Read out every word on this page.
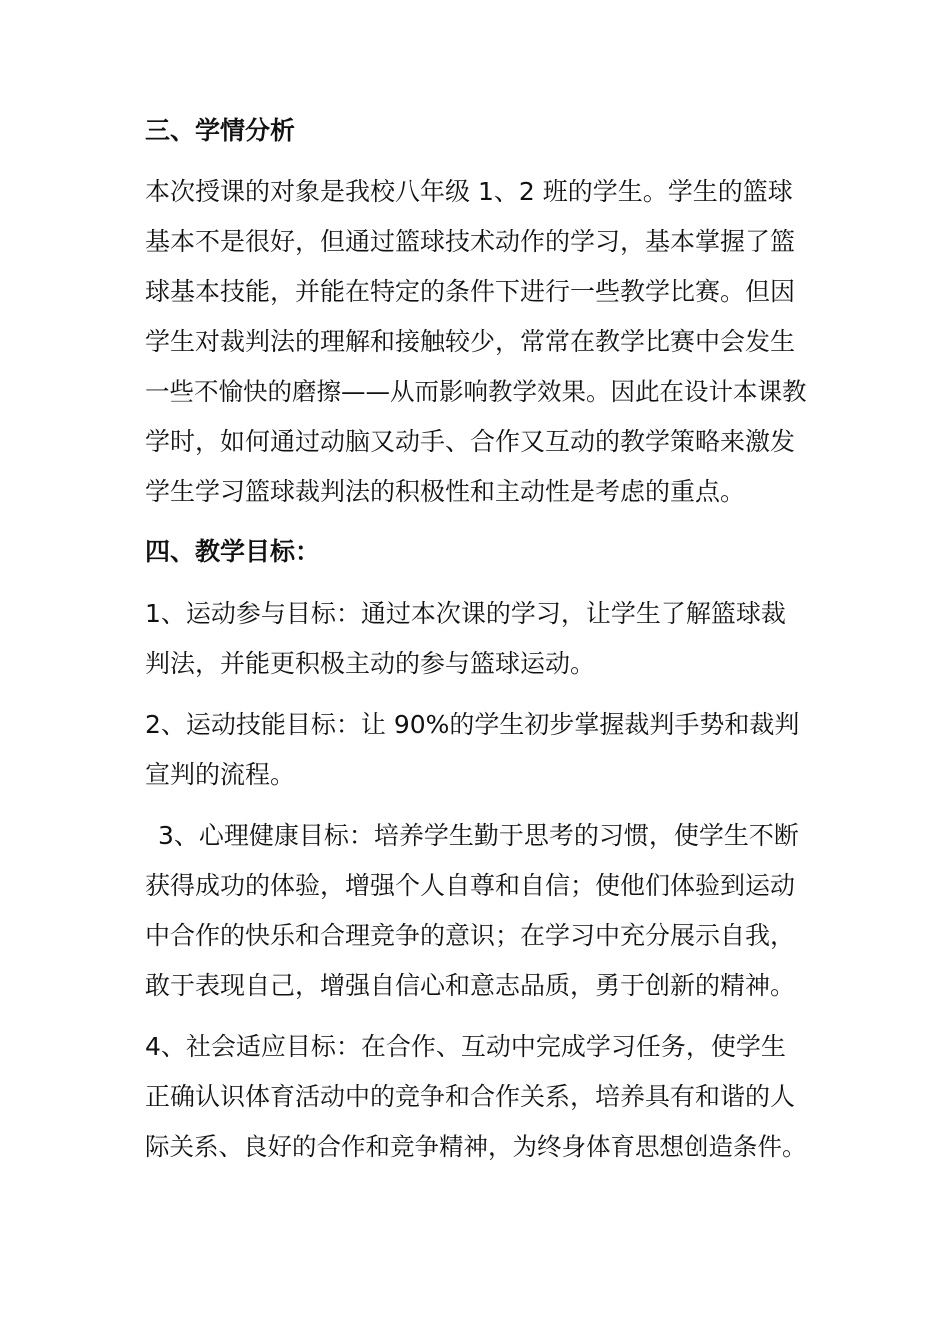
三、学情分析
本次授课的对象是我校八年级 1、2 班的学生。学生的篮球
基本不是很好，但通过篮球技术动作的学习，基本掌握了篮
球基本技能，并能在特定的条件下进行一些教学比赛。但因
学生对裁判法的理解和接触较少，常常在教学比赛中会发生
一些不愉快的磨擦——从而影响教学效果。因此在设计本课教
学时，如何通过动脑又动手、合作又互动的教学策略来激发
学生学习篮球裁判法的积极性和主动性是考虑的重点。
四、教学目标：
1、运动参与目标：通过本次课的学习，让学生了解篮球裁
判法，并能更积极主动的参与篮球运动。
2、运动技能目标：让 90%的学生初步掌握裁判手势和裁判
宣判的流程。
3、心理健康目标：培养学生勤于思考的习惯，使学生不断
获得成功的体验，增强个人自尊和自信；使他们体验到运动
中合作的快乐和合理竞争的意识；在学习中充分展示自我，
敢于表现自己，增强自信心和意志品质，勇于创新的精神。
4、社会适应目标：在合作、互动中完成学习任务，使学生
正确认识体育活动中的竞争和合作关系，培养具有和谐的人
际关系、良好的合作和竞争精神，为终身体育思想创造条件。
